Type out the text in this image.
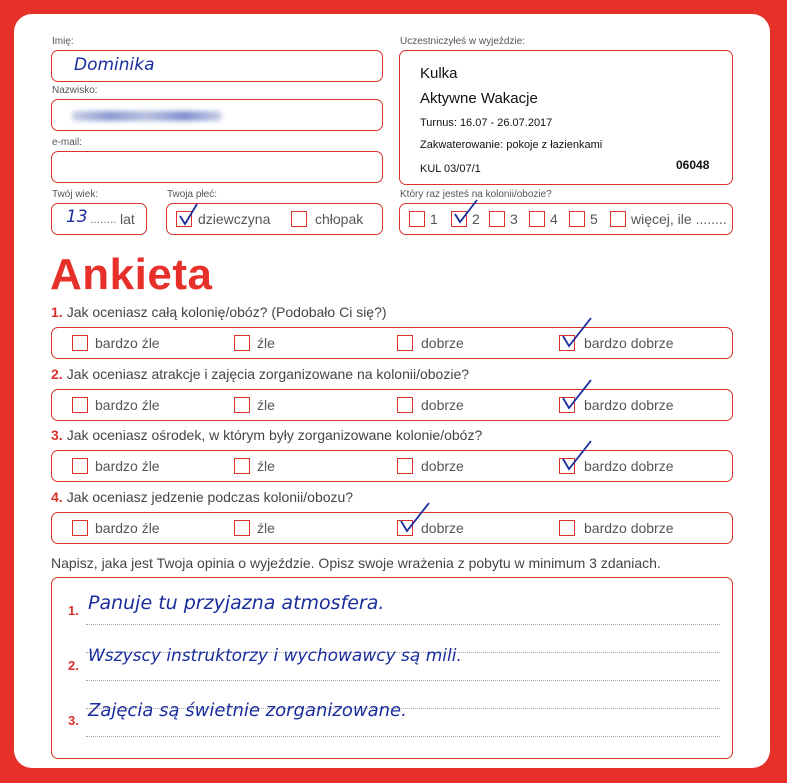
Imię:
Dominika
Nazwisko:
e-mail:
Twój wiek:
13 ........ lat
Twoja płeć:
dziewczyna	chłopak
Uczestniczyłeś w wyjeździe:
Kulka
Aktywne Wakacje
Turnus: 16.07 - 26.07.2017
Zakwaterowanie: pokoje z łazienkami
KUL 03/07/1	06048
Który raz jesteś na kolonii/obozie?
1 2 3 4 5 więcej, ile ........
Ankieta
1. Jak oceniasz całą kolonię/obóz? (Podobało Ci się?)
bardzo źle	źle	dobrze	bardzo dobrze
2. Jak oceniasz atrakcje i zajęcia zorganizowane na kolonii/obozie?
bardzo źle	źle	dobrze	bardzo dobrze
3. Jak oceniasz ośrodek, w którym były zorganizowane kolonie/obóz?
bardzo źle	źle	dobrze	bardzo dobrze
4. Jak oceniasz jedzenie podczas kolonii/obozu?
bardzo źle	źle	dobrze	bardzo dobrze
Napisz, jaka jest Twoja opinia o wyjeździe. Opisz swoje wrażenia z pobytu w minimum 3 zdaniach.
1. Panuje tu przyjazna atmosfera.
2. Wszyscy instruktorzy i wychowawcy są mili.
3. Zajęcia są świetnie zorganizowane.
